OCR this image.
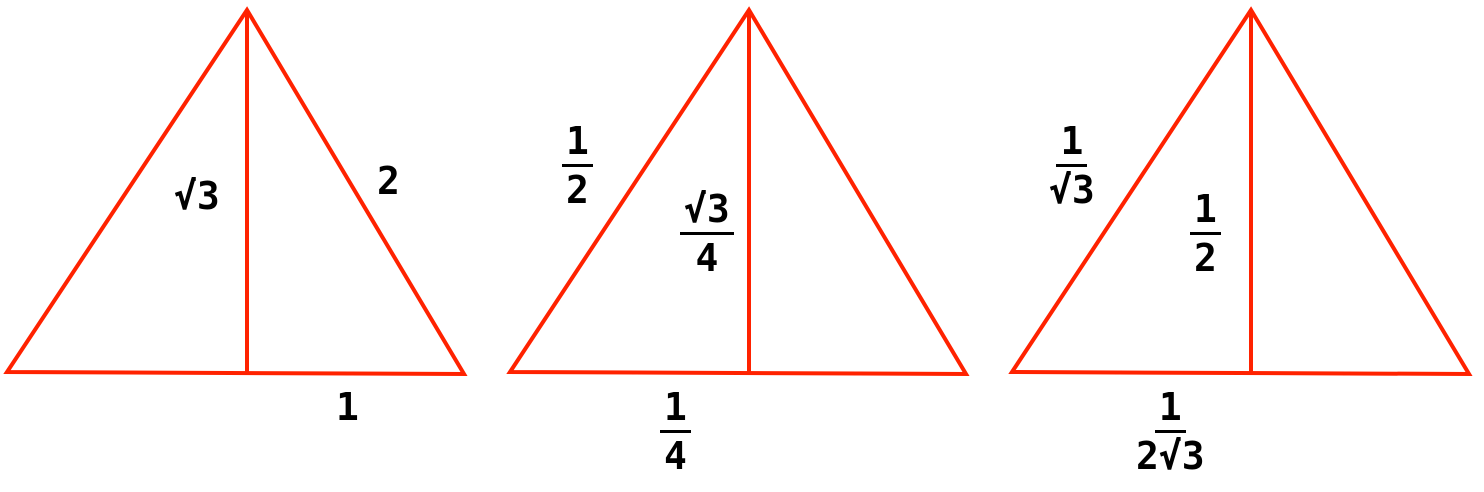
√3	2
1
$\frac{1}{2}$
$\frac{√3}{4}$
$\frac{1}{4}$
$\frac{1}{√3}$
$\frac{1}{2}$
$\frac{1}{2√3}$
